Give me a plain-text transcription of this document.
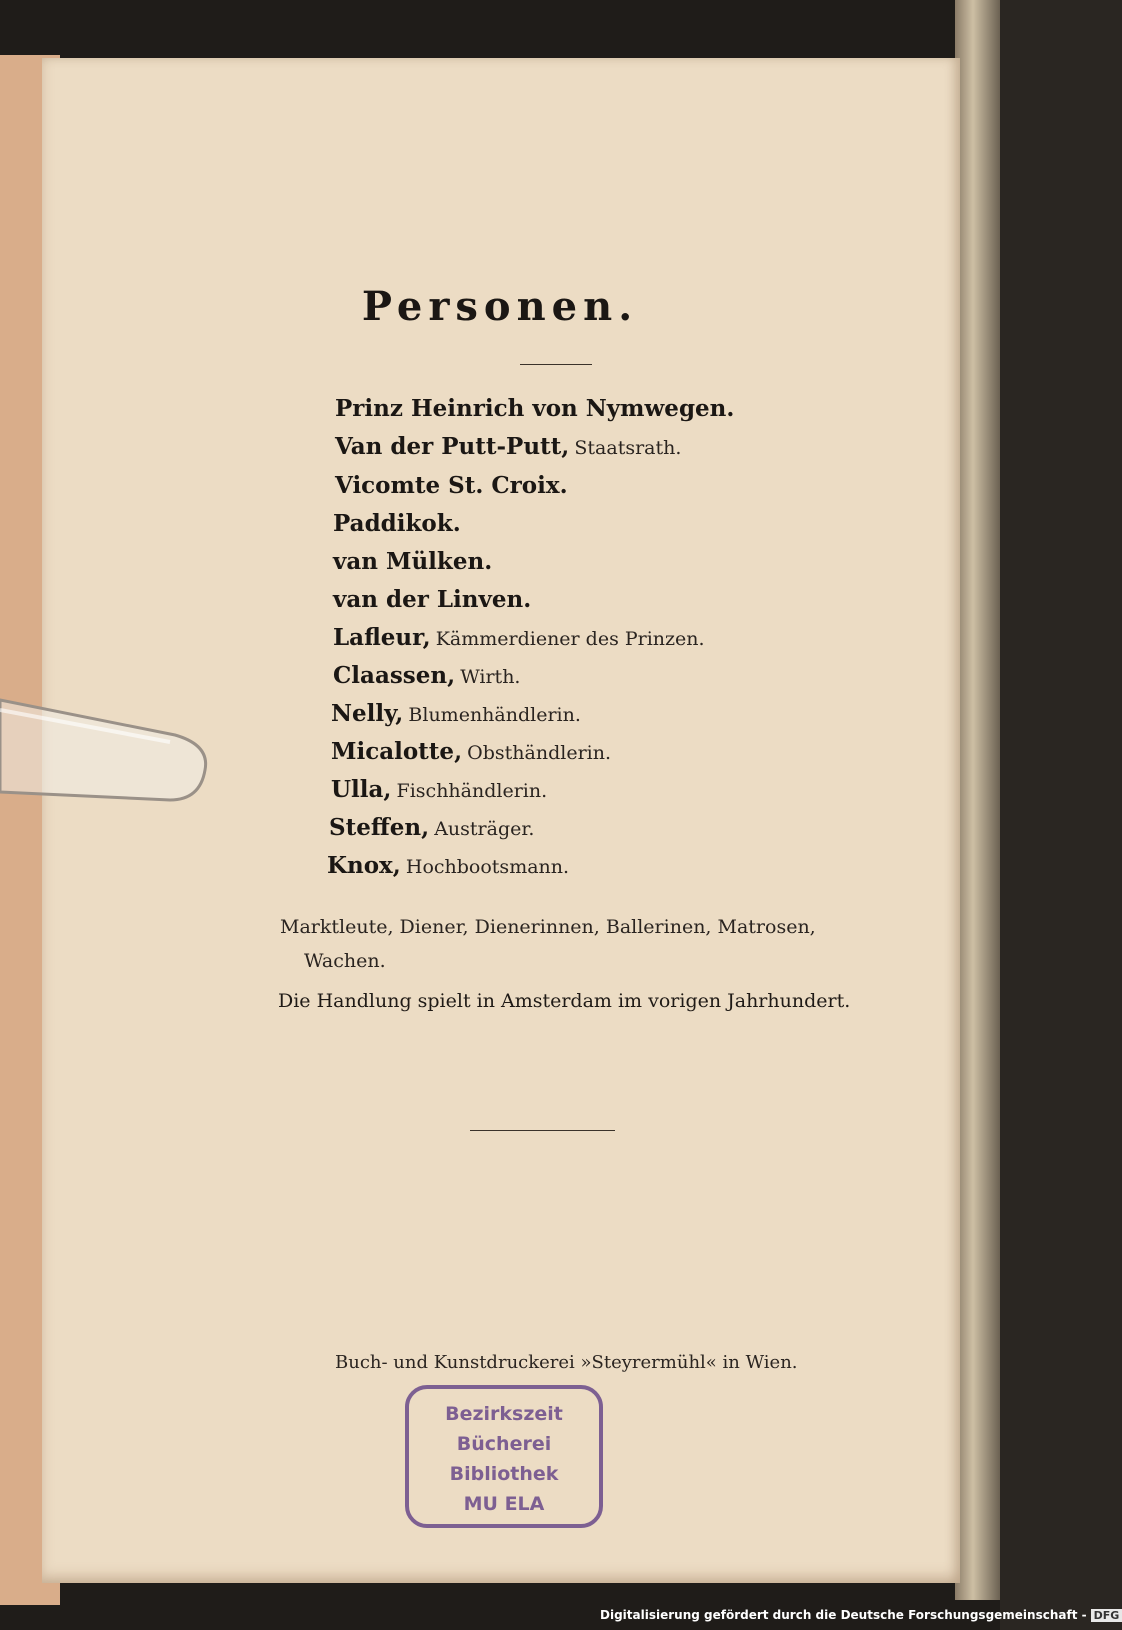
Personen.
Prinz Heinrich von Nymwegen.
Van der Putt-Putt, Staatsrath.
Vicomte St. Croix.
Paddikok.
van Mülken.
van der Linven.
Lafleur, Kämmerdiener des Prinzen.
Claassen, Wirth.
Nelly, Blumenhändlerin.
Micalotte, Obsthändlerin.
Ulla, Fischhändlerin.
Steffen, Austräger.
Knox, Hochbootsmann.
Marktleute, Diener, Dienerinnen, Ballerinen, Matrosen,
Wachen.
Die Handlung spielt in Amsterdam im vorigen Jahrhundert.
Buch- und Kunstdruckerei »Steyrermühl« in Wien.
Bezirkszeit
Bücherei Bibliothek
MU ELA
Digitalisierung gefördert durch die Deutsche Forschungsgemeinschaft - DFG
